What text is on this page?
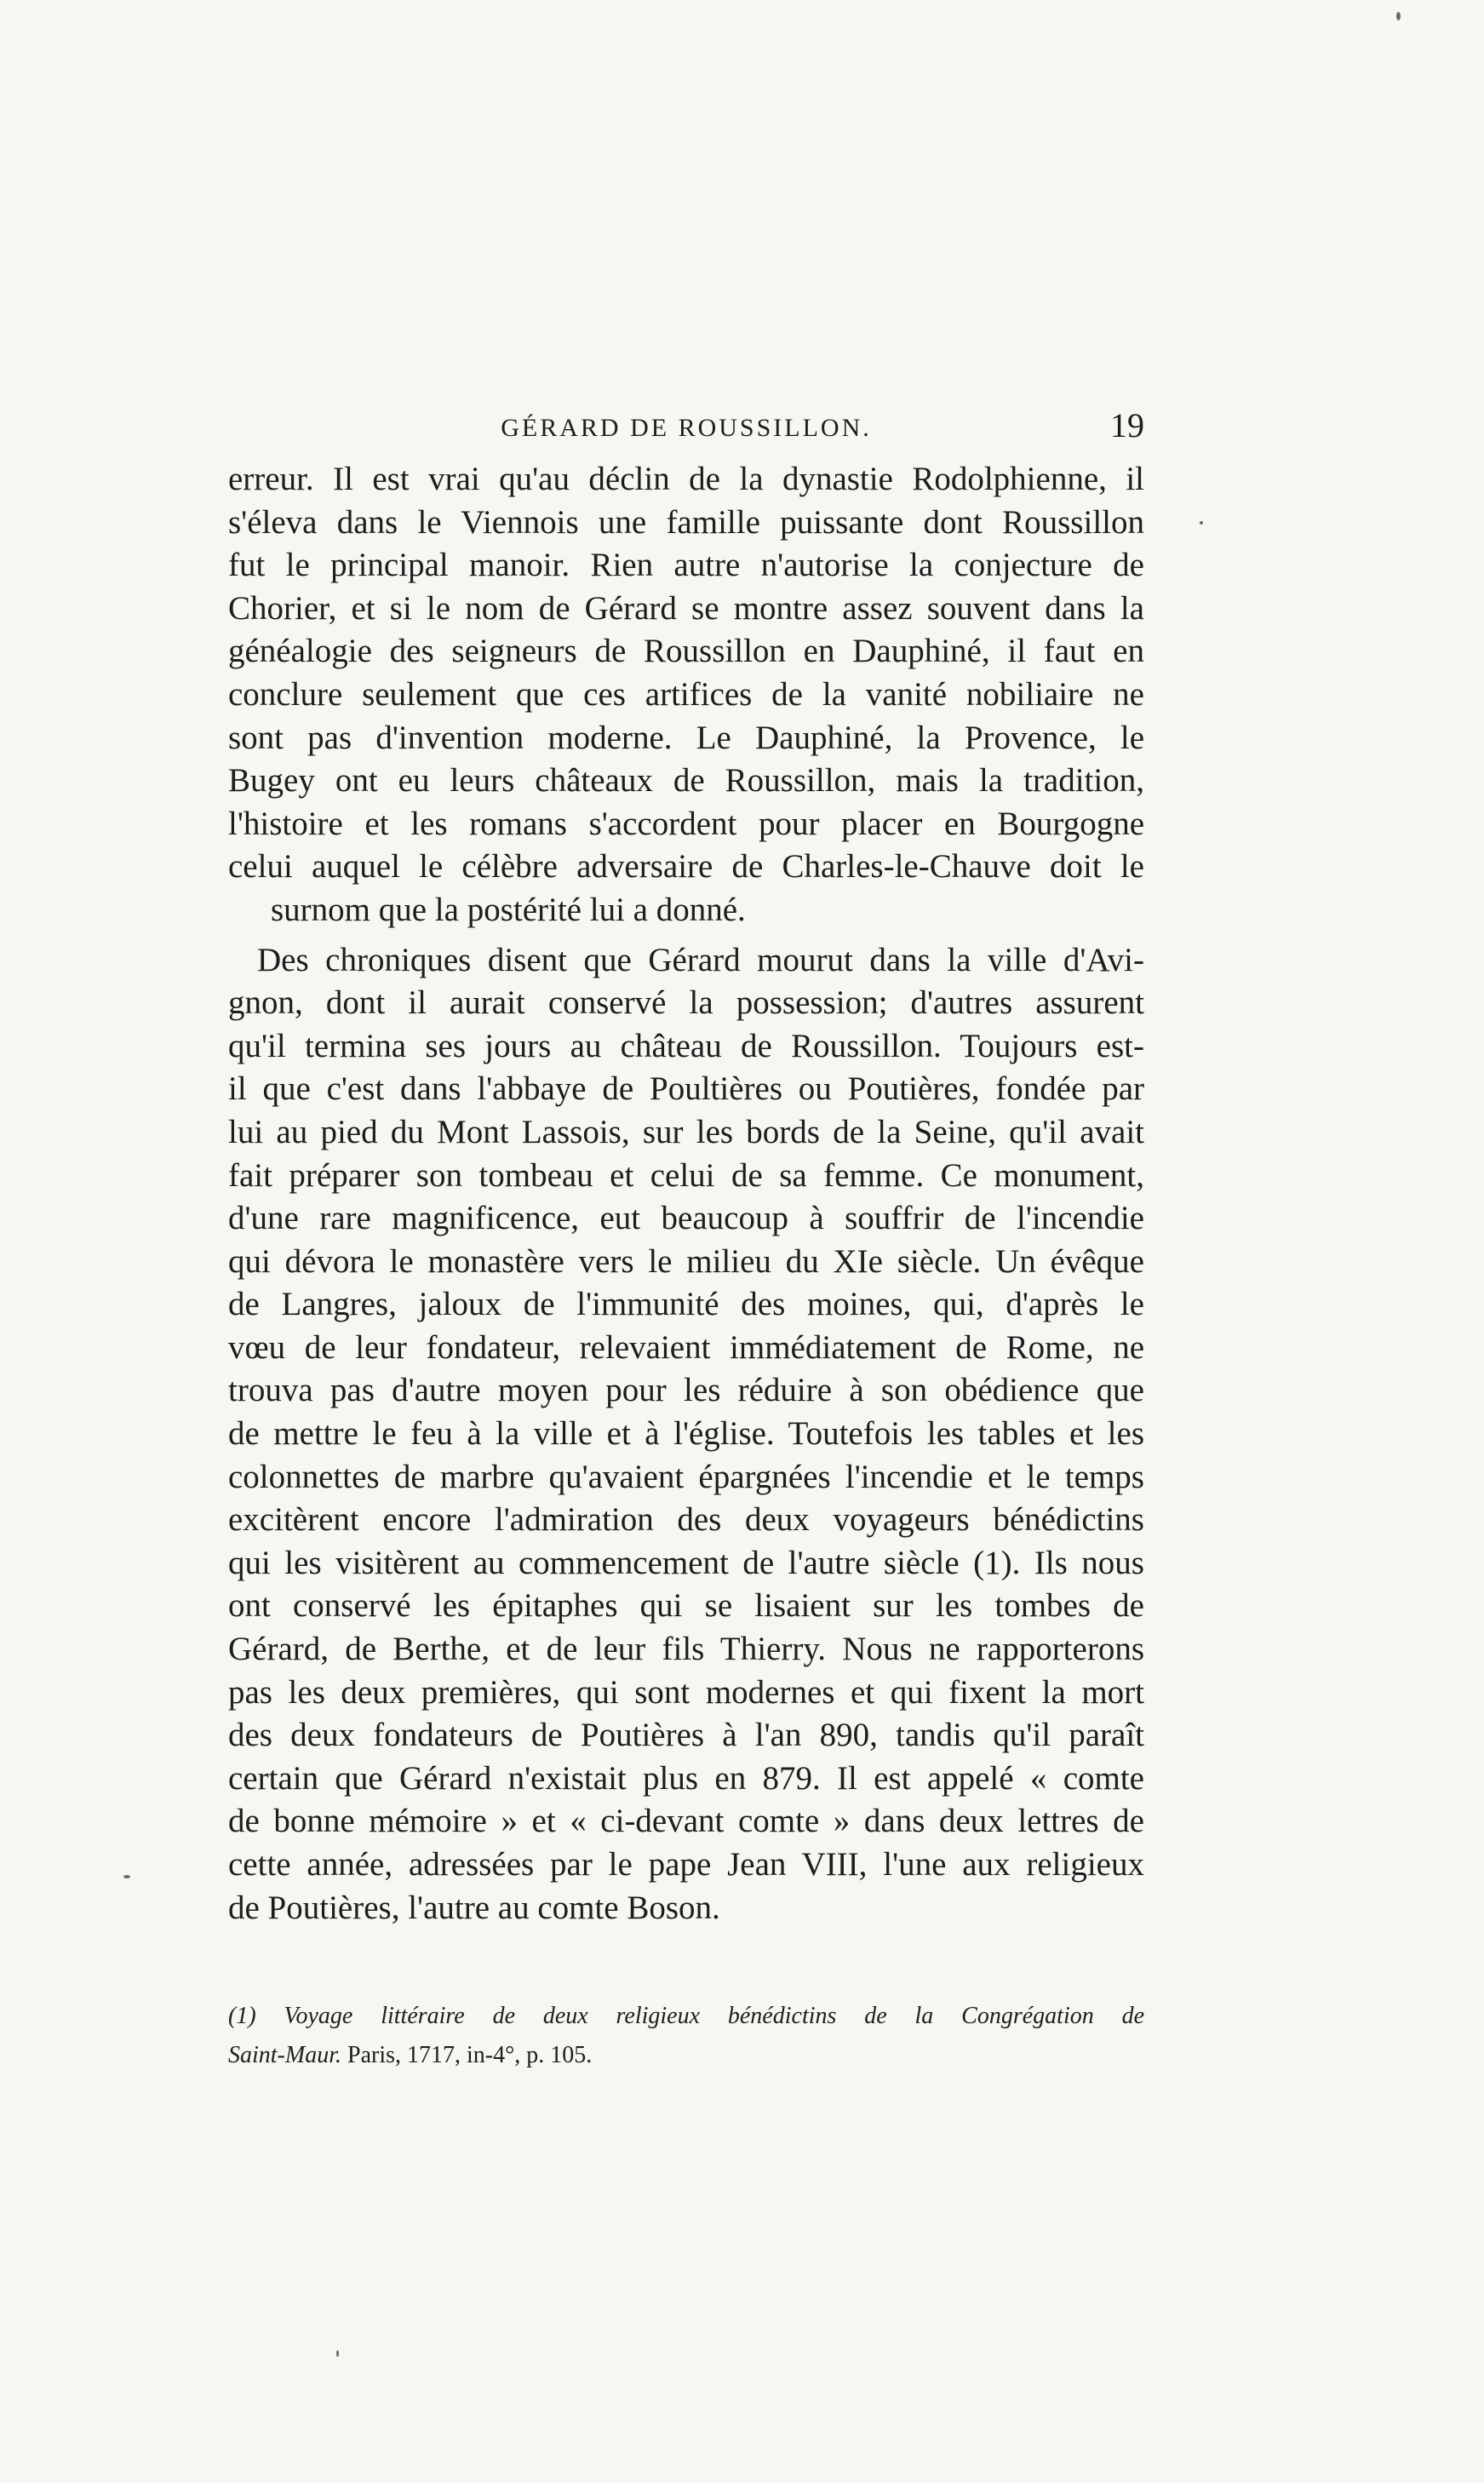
GÉRARD DE ROUSSILLON.	19
erreur. Il est vrai qu'au déclin de la dynastie Rodolphienne, il
s'éleva dans le Viennois une famille puissante dont Roussillon
fut le principal manoir. Rien autre n'autorise la conjecture de
Chorier, et si le nom de Gérard se montre assez souvent dans la
généalogie des seigneurs de Roussillon en Dauphiné, il faut en
conclure seulement que ces artifices de la vanité nobiliaire ne
sont pas d'invention moderne. Le Dauphiné, la Provence, le
Bugey ont eu leurs châteaux de Roussillon, mais la tradition,
l'histoire et les romans s'accordent pour placer en Bourgogne
celui auquel le célèbre adversaire de Charles-le-Chauve doit le
surnom que la postérité lui a donné.
Des chroniques disent que Gérard mourut dans la ville d'Avi-
gnon, dont il aurait conservé la possession; d'autres assurent
qu'il termina ses jours au château de Roussillon. Toujours est-
il que c'est dans l'abbaye de Poultières ou Poutières, fondée par
lui au pied du Mont Lassois, sur les bords de la Seine, qu'il avait
fait préparer son tombeau et celui de sa femme. Ce monument,
d'une rare magnificence, eut beaucoup à souffrir de l'incendie
qui dévora le monastère vers le milieu du XIe siècle. Un évêque
de Langres, jaloux de l'immunité des moines, qui, d'après le
vœu de leur fondateur, relevaient immédiatement de Rome, ne
trouva pas d'autre moyen pour les réduire à son obédience que
de mettre le feu à la ville et à l'église. Toutefois les tables et les
colonnettes de marbre qu'avaient épargnées l'incendie et le temps
excitèrent encore l'admiration des deux voyageurs bénédictins
qui les visitèrent au commencement de l'autre siècle (1). Ils nous
ont conservé les épitaphes qui se lisaient sur les tombes de
Gérard, de Berthe, et de leur fils Thierry. Nous ne rapporterons
pas les deux premières, qui sont modernes et qui fixent la mort
des deux fondateurs de Poutières à l'an 890, tandis qu'il paraît
certain que Gérard n'existait plus en 879. Il est appelé « comte
de bonne mémoire » et « ci-devant comte » dans deux lettres de
cette année, adressées par le pape Jean VIII, l'une aux religieux
de Poutières, l'autre au comte Boson.
(1) Voyage littéraire de deux religieux bénédictins de la Congrégation de
Saint-Maur. Paris, 1717, in-4°, p. 105.
